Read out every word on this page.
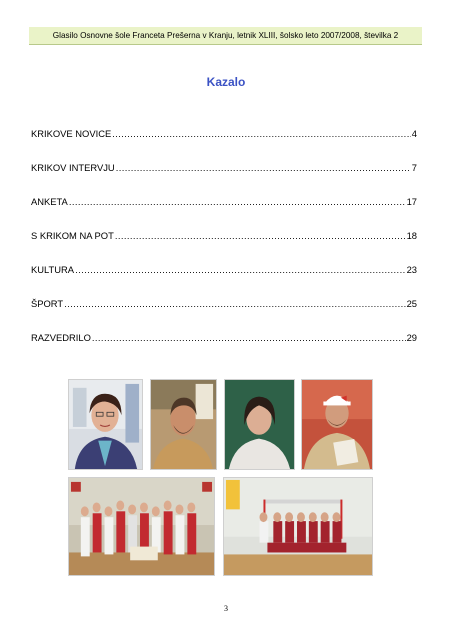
Glasilo Osnovne šole Franceta Prešerna v Kranju, letnik XLIII, šolsko leto 2007/2008, številka 2
Kazalo
KRIKOVE NOVICE .....	4
KRIKOV INTERVJU .....	7
ANKETA .....	17
S KRIKOM NA POT .....	18
KULTURA .....	23
ŠPORT .....	25
RAZVEDRILO .....	29
3
